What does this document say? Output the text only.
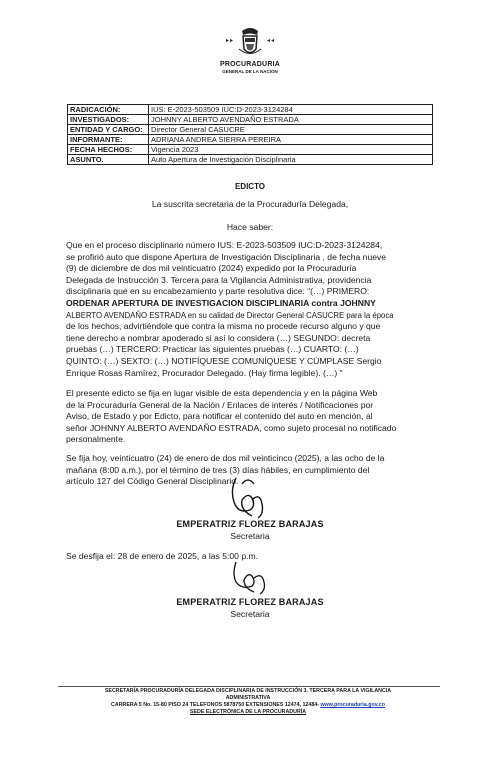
PROCURADURIA
GENERAL DE LA NACION
RADICACIÓN:	IUS: E-2023-503509 IUC:D-2023-3124284
INVESTIGADOS:	JOHNNY ALBERTO AVENDAÑO ESTRADA
ENTIDAD Y CARGO:	Director General CASUCRE
INFORMANTE:	ADRIANA ANDREA SIERRA PEREIRA
FECHA HECHOS:	Vigencia 2023
ASUNTO.	Auto Apertura de Investigación Disciplinaria
EDICTO
La suscrita secretaria de la Procuraduría Delegada,
Hace saber:
Que en el proceso disciplinario número IUS: E-2023-503509 IUC:D-2023-3124284,
se profirió auto que dispone Apertura de Investigación Disciplinaria , de fecha nueve
(9) de diciembre de dos mil veinticuatro (2024) expedido por la Procuraduría
Delegada de Instrucción 3. Tercera para la Vigilancia Administrativa, providencia
disciplinaria que en su encabezamiento y parte resolutiva dice: “(…) PRIMERO:
ORDENAR APERTURA DE INVESTIGACION DISCIPLINARIA contra JOHNNY
ALBERTO AVENDAÑO ESTRADA en su calidad de Director General CASUCRE para la época
de los hechos, advirtiéndole que contra la misma no procede recurso alguno y que
tiene derecho a nombrar apoderado si así lo considera (…) SEGUNDO: decreta
pruebas (…) TERCERO: Practicar las siguientes pruebas (…) CUARTO: (…)
QUINTO: (…) SEXTO: (…) NOTIFÍQUESE COMUNÍQUESE Y CÚMPLASE Sergio
Enrique Rosas Ramírez, Procurador Delegado. (Hay firma legible). (…) ”
El presente edicto se fija en lugar visible de esta dependencia y en la página Web
de la Procuraduría General de la Nación / Enlaces de interés / Notificaciones por
Aviso, de Estado y por Edicto, para notificar el contenido del auto en mención, al
señor JOHNNY ALBERTO AVENDAÑO ESTRADA, como sujeto procesal no notificado
personalmente.
Se fija hoy, veinticuatro (24) de enero de dos mil veinticinco (2025), a las ocho de la
mañana (8:00 a.m.), por el término de tres (3) días hábiles, en cumplimiento del
artículo 127 del Código General Disciplinario.
EMPERATRIZ FLOREZ BARAJAS
Secretaria
Se desfija el: 28 de enero de 2025, a las 5:00 p.m.
EMPERATRIZ FLOREZ BARAJAS
Secretaria
SECRETARÍA PROCURADURÍA DELEGADA DISCIPLINARIA DE INSTRUCCIÓN 3. TERCERA PARA LA VIGILANCIA
ADMINISTRATIVA
CARRERA 5 No. 15-80 PISO 24 TELEFONOS 5878750 EXTENSIONES 12474, 12484- www.procuraduria.gov.co
SEDE ELECTRÓNICA DE LA PROCURADURÍA
